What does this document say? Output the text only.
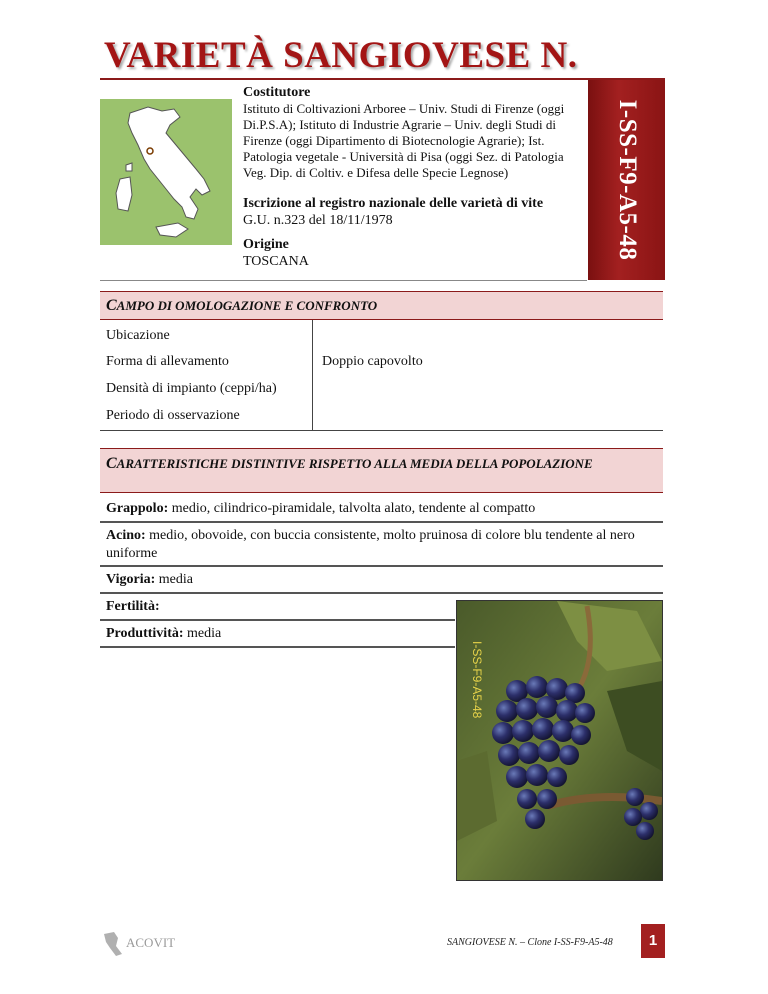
VARIETÀ SANGIOVESE N.
I-SS-F9-A5-48
Costitutore
Istituto di Coltivazioni Arboree – Univ. Studi di Firenze (oggi Di.P.S.A); Istituto di Industrie Agrarie – Univ. degli Studi di Firenze (oggi Dipartimento di Biotecnologie Agrarie); Ist. Patologia vegetale - Università di Pisa (oggi Sez. di Patologia Veg. Dip. di Coltiv. e Difesa delle Specie Legnose)
Iscrizione al registro nazionale delle varietà di vite
G.U. n.323 del 18/11/1978
Origine
TOSCANA
CAMPO DI OMOLOGAZIONE E CONFRONTO
Ubicazione
Forma di allevamento	Doppio capovolto
Densità di impianto (ceppi/ha)
Periodo di osservazione
CARATTERISTICHE DISTINTIVE RISPETTO ALLA MEDIA DELLA POPOLAZIONE
Grappolo: medio, cilindrico-piramidale, talvolta alato, tendente al compatto
Acino: medio, obovoide, con buccia consistente, molto pruinosa di colore blu tendente al nero uniforme
Vigoria: media
Fertilità:
Produttività: media
I-SS-F9-A5-48
ACOVIT	SANGIOVESE N. – Clone I-SS-F9-A5-48	1
